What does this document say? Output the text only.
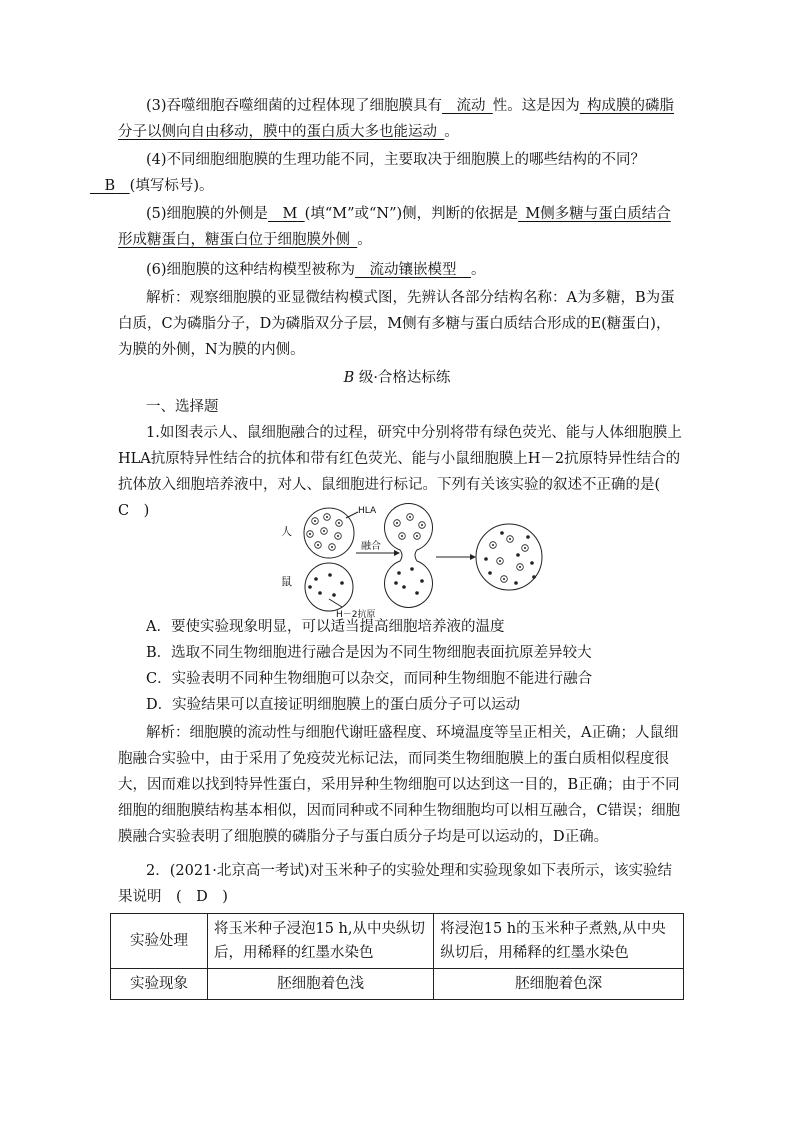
(3)吞噬细胞吞噬细菌的过程体现了细胞膜具有  流动  性。这是因为  构成膜的磷脂分子以侧向自由移动，膜中的蛋白质大多也能运动  。
(4)不同细胞细胞膜的生理功能不同，主要取决于细胞膜上的哪些结构的不同？
  B   (填写标号)。
(5)细胞膜的外侧是   M  (填“M”或“N”)侧，判断的依据是  M侧多糖与蛋白质结合形成糖蛋白，糖蛋白位于细胞膜外侧  。
(6)细胞膜的这种结构模型被称为   流动镶嵌模型   。
解析：观察细胞膜的亚显微结构模式图，先辨认各部分结构名称：A为多糖，B为蛋白质，C为磷脂分子，D为磷脂双分子层，M侧有多糖与蛋白质结合形成的E(糖蛋白)，为膜的外侧，N为膜的内侧。
B 级·合格达标练
一、选择题
1.如图表示人、鼠细胞融合的过程，研究中分别将带有绿色荧光、能与人体细胞膜上HLA抗原特异性结合的抗体和带有红色荧光、能与小鼠细胞膜上H－2抗原特异性结合的抗体放入细胞培养液中，对人、鼠细胞进行标记。下列有关该实验的叙述不正确的是(　C　)
人
鼠
HLA
融合
H－2抗原
A．要使实验现象明显，可以适当提高细胞培养液的温度
B．选取不同生物细胞进行融合是因为不同生物细胞表面抗原差异较大
C．实验表明不同种生物细胞可以杂交，而同种生物细胞不能进行融合
D．实验结果可以直接证明细胞膜上的蛋白质分子可以运动
解析：细胞膜的流动性与细胞代谢旺盛程度、环境温度等呈正相关，A正确；人鼠细胞融合实验中，由于采用了免疫荧光标记法，而同类生物细胞膜上的蛋白质相似程度很大，因而难以找到特异性蛋白，采用异种生物细胞可以达到这一目的，B正确；由于不同细胞的细胞膜结构基本相似，因而同种或不同种生物细胞均可以相互融合，C错误；细胞膜融合实验表明了细胞膜的磷脂分子与蛋白质分子均是可以运动的，D正确。
2．(2021·北京高一考试)对玉米种子的实验处理和实验现象如下表所示，该实验结果说明　(　D　)
实验处理	将玉米种子浸泡15 h,从中央纵切后，用稀释的红墨水染色	将浸泡15 h的玉米种子煮熟,从中央纵切后，用稀释的红墨水染色
实验现象	胚细胞着色浅	胚细胞着色深
